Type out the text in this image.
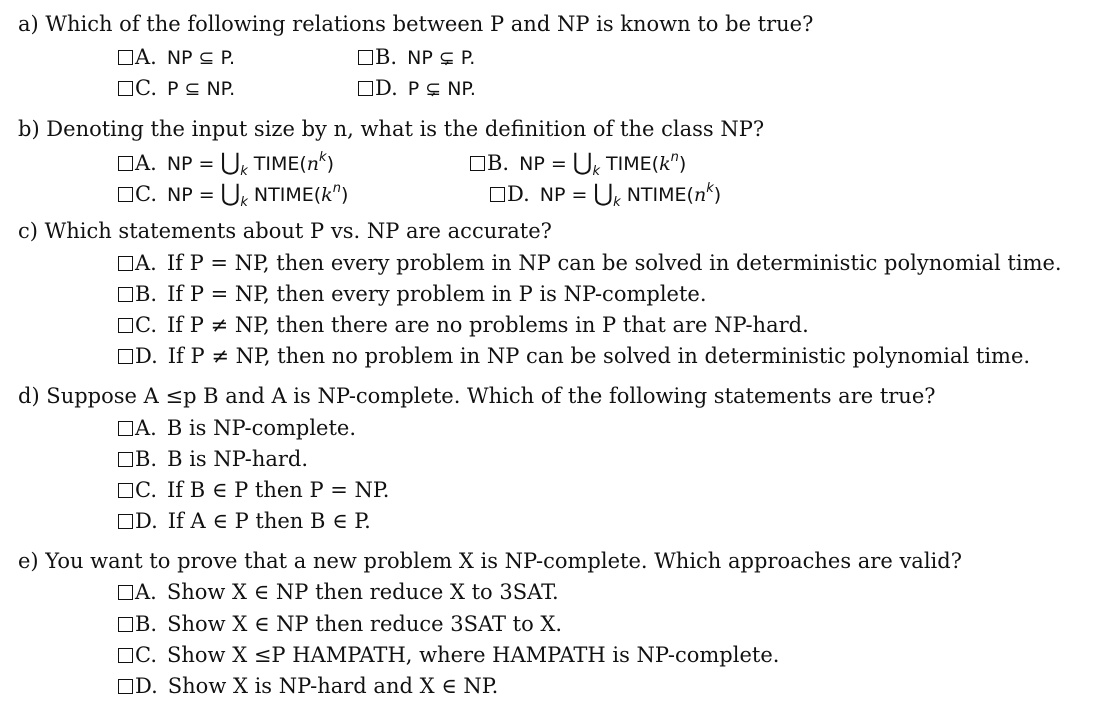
a) Which of the following relations between P and NP is known to be true?
A. NP ⊆ P.	B. NP ⊊ P.
C. P ⊆ NP.	D. P ⊊ NP.
b) Denoting the input size by n, what is the definition of the class NP?
A. NP = $⋃_k$ $TIME(n^k)$	B. NP = $⋃_k$ $TIME(k^n)$
C. NP = $⋃_k$ $NTIME(k^n)$	D. NP = $⋃_k$ $NTIME(n^k)$
c) Which statements about P vs. NP are accurate?
A. If P = NP, then every problem in NP can be solved in deterministic polynomial time.
B. If P = NP, then every problem in P is NP-complete.
C. If P ≠ NP, then there are no problems in P that are NP-hard.
D. If P ≠ NP, then no problem in NP can be solved in deterministic polynomial time.
d) Suppose A ≤p B and A is NP-complete. Which of the following statements are true?
A. B is NP-complete.
B. B is NP-hard.
C. If B ∈ P then P = NP.
D. If A ∈ P then B ∈ P.
e) You want to prove that a new problem X is NP-complete. Which approaches are valid?
A. Show X ∈ NP then reduce X to 3SAT.
B. Show X ∈ NP then reduce 3SAT to X.
C. Show X ≤P HAMPATH, where HAMPATH is NP-complete.
D. Show X is NP-hard and X ∈ NP.
